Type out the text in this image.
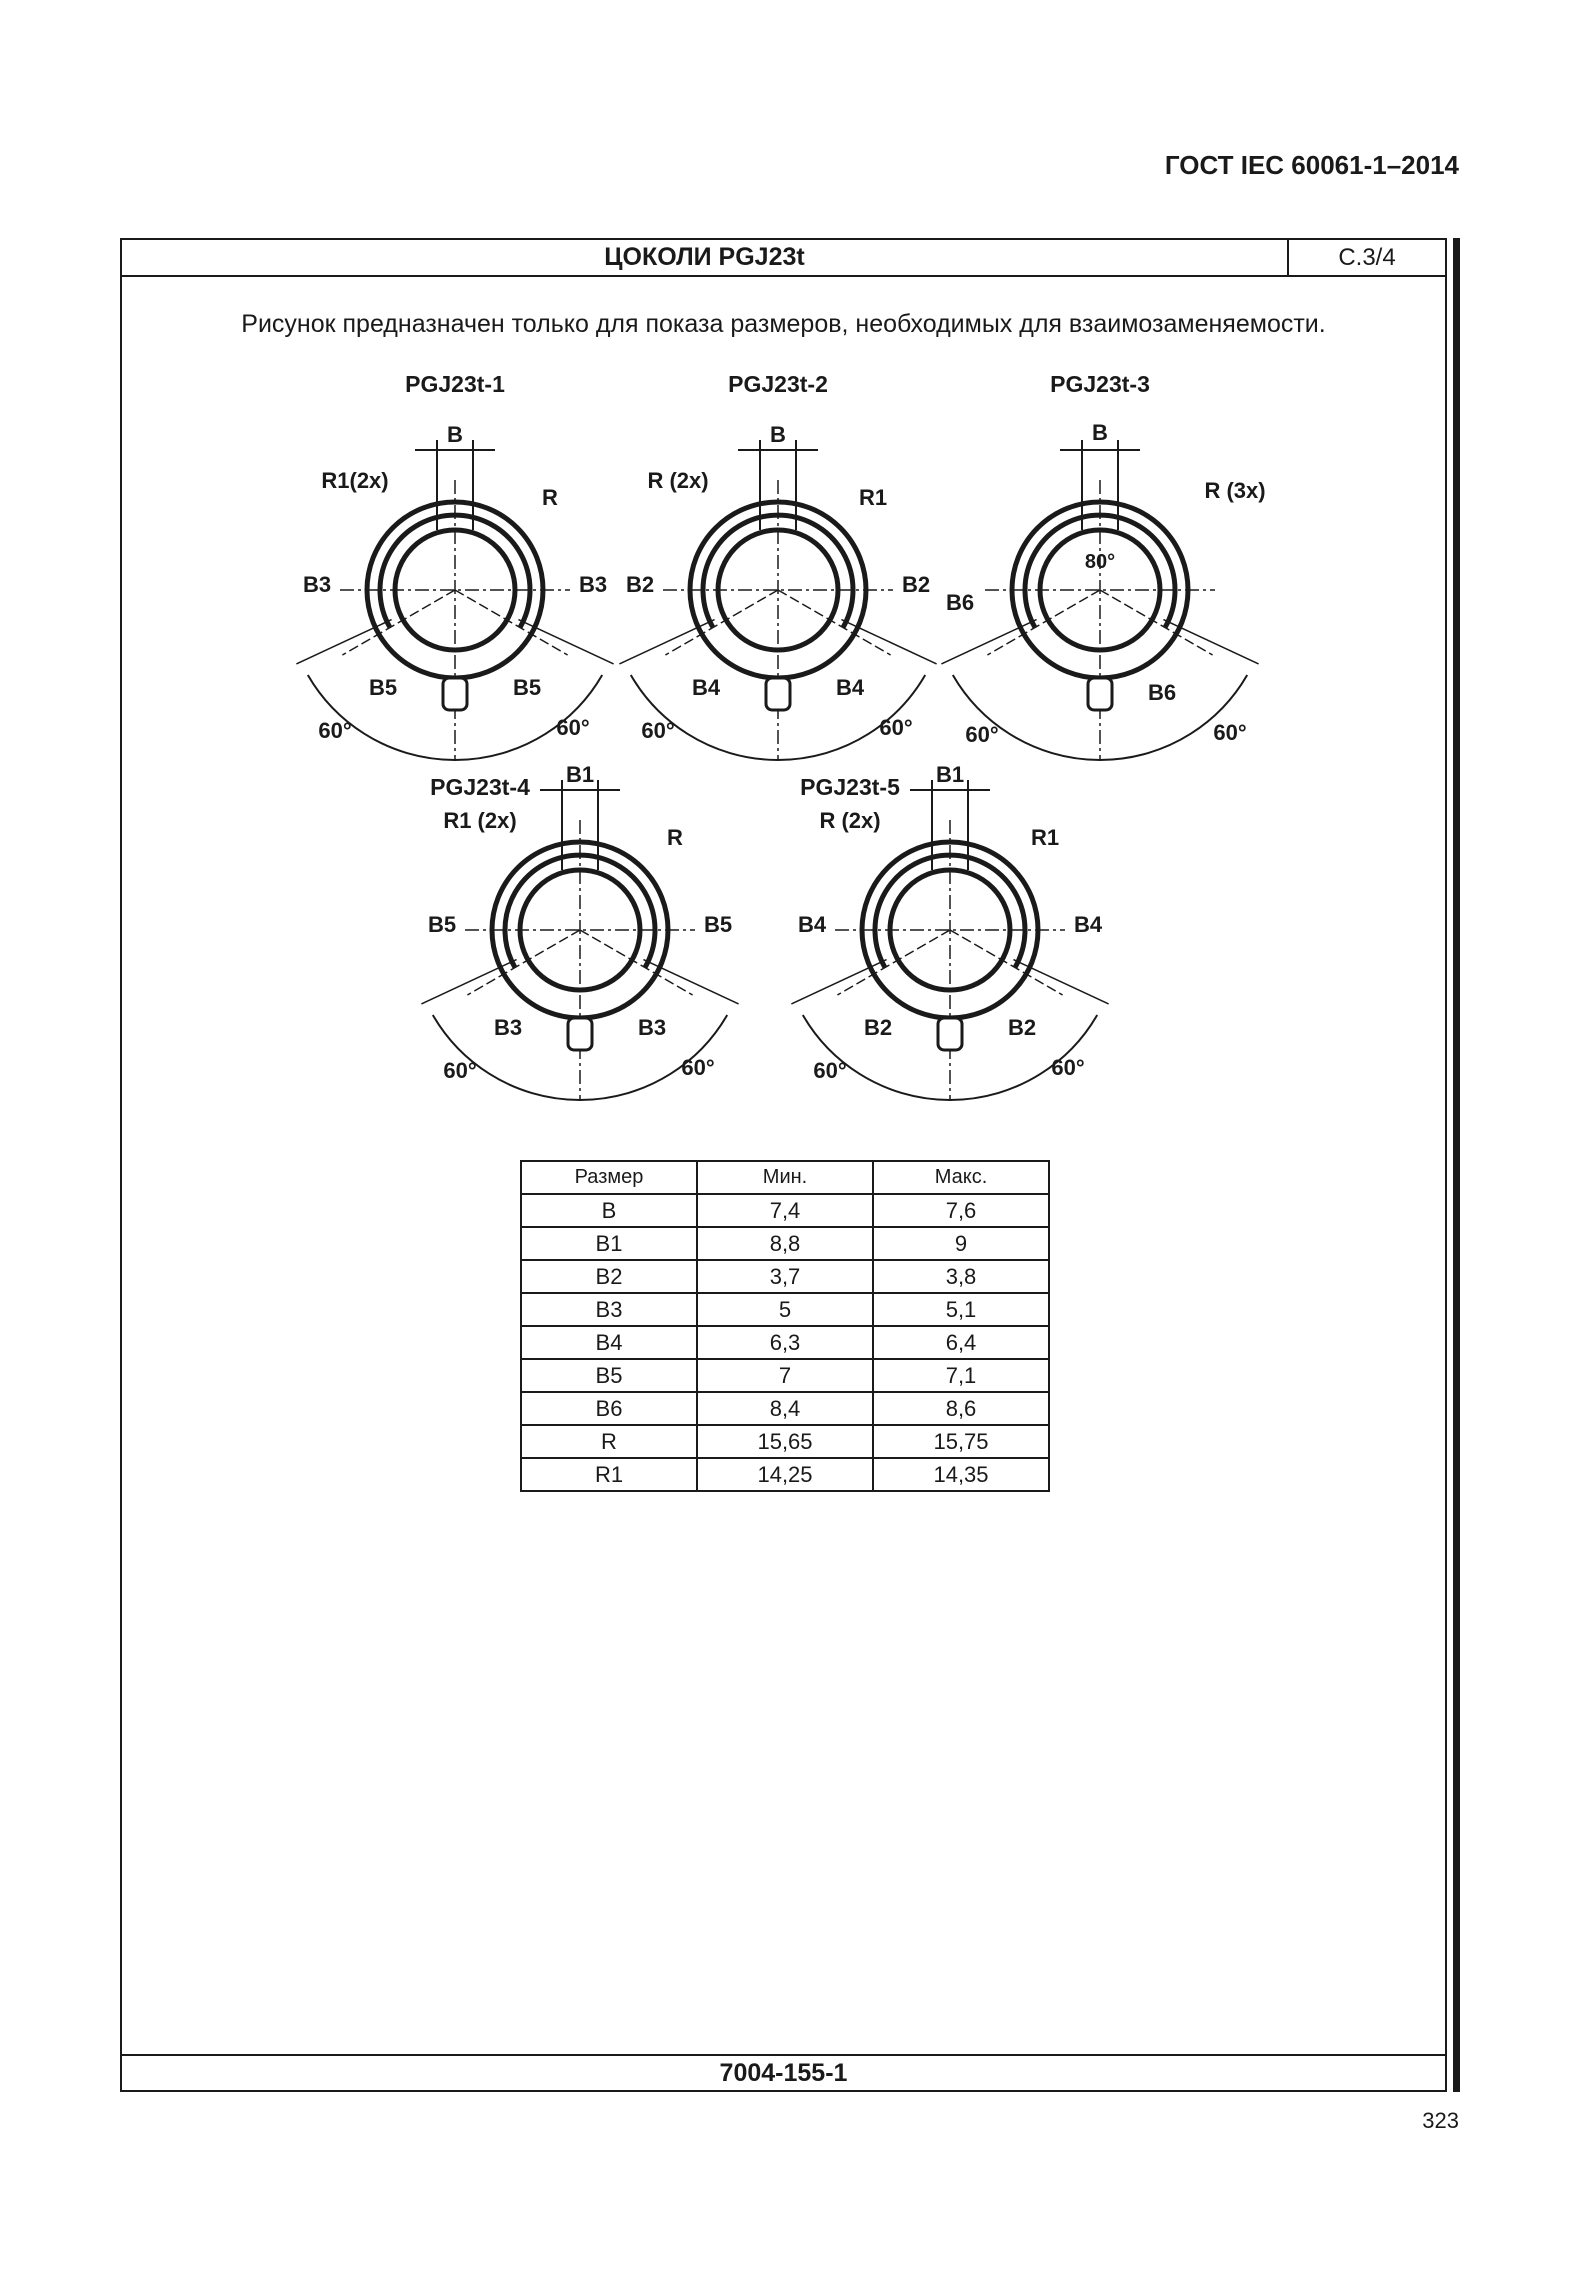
ГОСТ IEC 60061-1–2014
ЦОКОЛИ PGJ23t	С.3/4
Рисунок предназначен только для показа размеров, необходимых для взаимозаменяемости.
7004-155-1
PGJ23t-1
B
R1(2x)
R
B3	B3
B5	B5
60°	60°
PGJ23t-2
B
R (2x)
R1
B2	B2
B4	B4
60°	60°
PGJ23t-3
B
R (3x)
80°
B6
B6
60°	60°
PGJ23t-4 B1
R1 (2x)
R
B5	B5
B3	B3
60°	60°
PGJ23t-5 B1
R (2x)
R1
B4	B4
B2	B2
60°	60°
Размер	Мин.	Макс.
B	7,4	7,6
B1	8,8	9
B2	3,7	3,8
B3	5	5,1
B4	6,3	6,4
B5	7	7,1
B6	8,4	8,6
R	15,65	15,75
R1	14,25	14,35
323
